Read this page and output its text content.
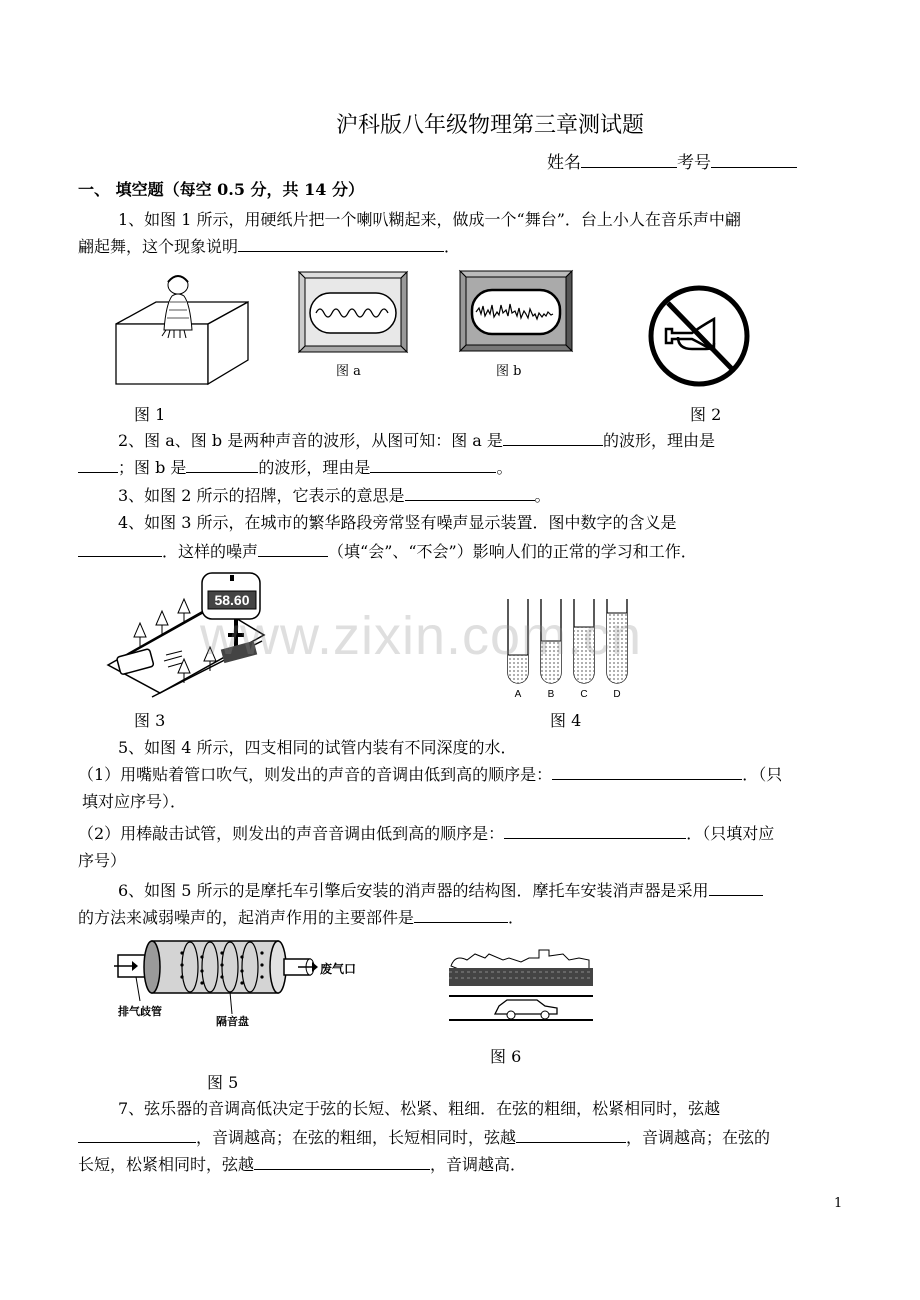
沪科版八年级物理第三章测试题
姓名	考号
一、 填空题（每空 0.5 分，共 14 分）
1、如图 1 所示，用硬纸片把一个喇叭糊起来，做成一个“舞台”．台上小人在音乐声中翩
翩起舞，这个现象说明	．
图 1
图 a	图 b
图 2
2、图 a、图 b 是两种声音的波形，从图可知：图 a 是	的波形，理由是
；图 b 是	的波形，理由是	。
3、如图 2 所示的招牌，它表示的意思是	。
4、如图 3 所示，在城市的繁华路段旁常竖有噪声显示装置．图中数字的含义是
．这样的噪声	（填“会”、“不会”）影响人们的正常的学习和工作．
58.60
图 3
A	B	C	D
图 4
5、如图 4 所示，四支相同的试管内装有不同深度的水．
（1）用嘴贴着管口吹气，则发出的声音的音调由低到高的顺序是：	．（只
填对应序号）．
（2）用棒敲击试管，则发出的声音音调由低到高的顺序是：	．（只填对应
序号）
6、如图 5 所示的是摩托车引擎后安装的消声器的结构图．摩托车安装消声器是采用
的方法来减弱噪声的，起消声作用的主要部件是	．
废气口
排气歧管
隔音盘
图 5
图 6
7、弦乐器的音调高低决定于弦的长短、松紧、粗细．在弦的粗细，松紧相同时，弦越
，音调越高；在弦的粗细，长短相同时，弦越	，音调越高；在弦的
长短，松紧相同时，弦越	，音调越高．
www.zixin.com.cn
1
